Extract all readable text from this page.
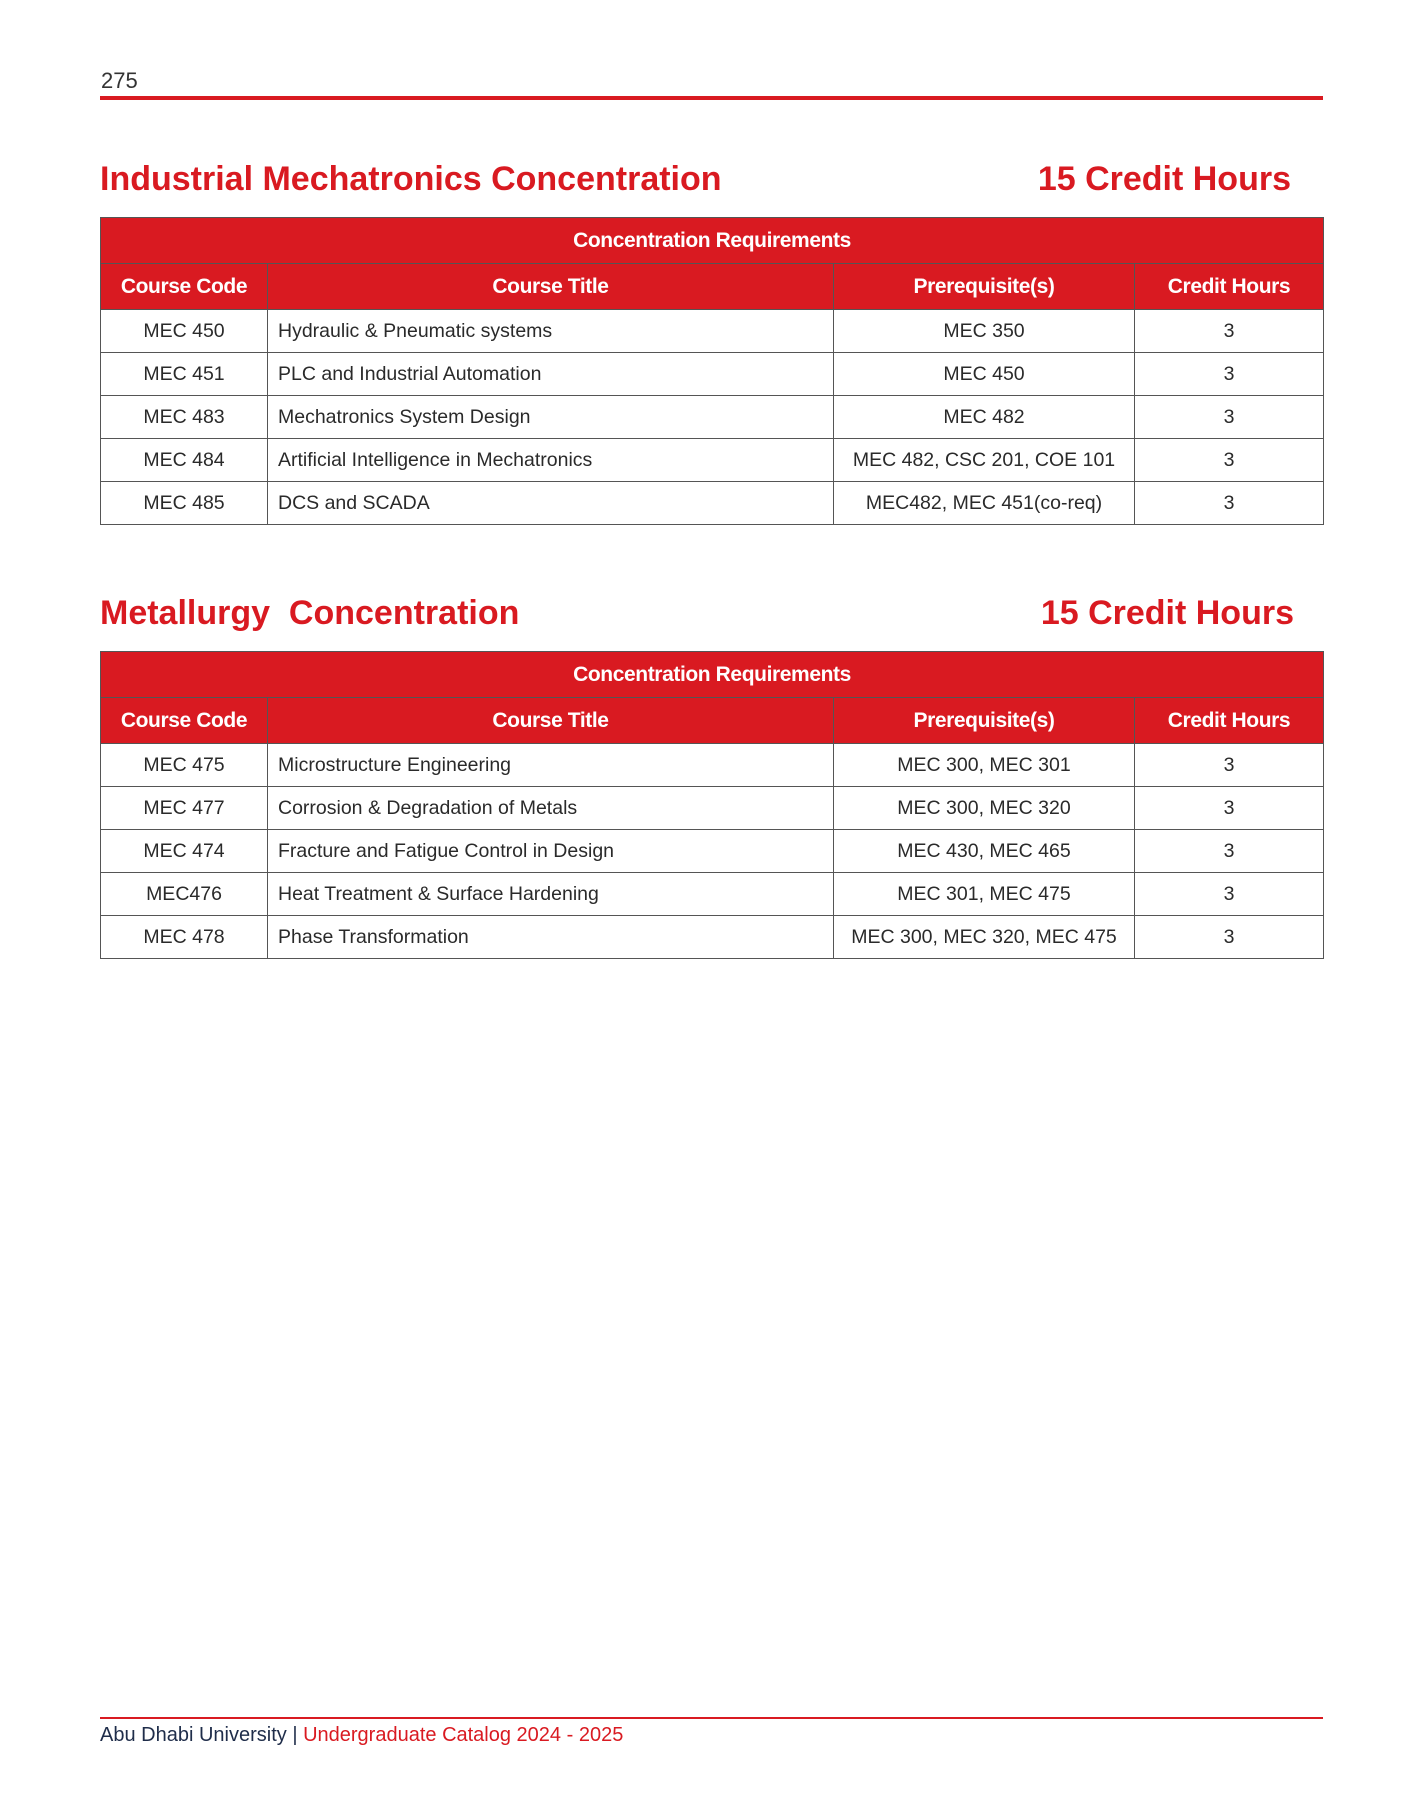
275
Industrial Mechatronics Concentration	15 Credit Hours
Concentration Requirements			
Course Code	Course Title	Prerequisite(s)	Credit Hours
MEC 450	Hydraulic & Pneumatic systems	MEC 350	3
MEC 451	PLC and Industrial Automation	MEC 450	3
MEC 483	Mechatronics System Design	MEC 482	3
MEC 484	Artificial Intelligence in Mechatronics	MEC 482, CSC 201, COE 101	3
MEC 485	DCS and SCADA	MEC482, MEC 451(co-req)	3
Metallurgy  Concentration	15 Credit Hours
Concentration Requirements			
Course Code	Course Title	Prerequisite(s)	Credit Hours
MEC 475	Microstructure Engineering	MEC 300, MEC 301	3
MEC 477	Corrosion & Degradation of Metals	MEC 300, MEC 320	3
MEC 474	Fracture and Fatigue Control in Design	MEC 430, MEC 465	3
MEC476	Heat Treatment & Surface Hardening	MEC 301, MEC 475	3
MEC 478	Phase Transformation	MEC 300, MEC 320, MEC 475	3
Abu Dhabi University | Undergraduate Catalog 2024 - 2025
